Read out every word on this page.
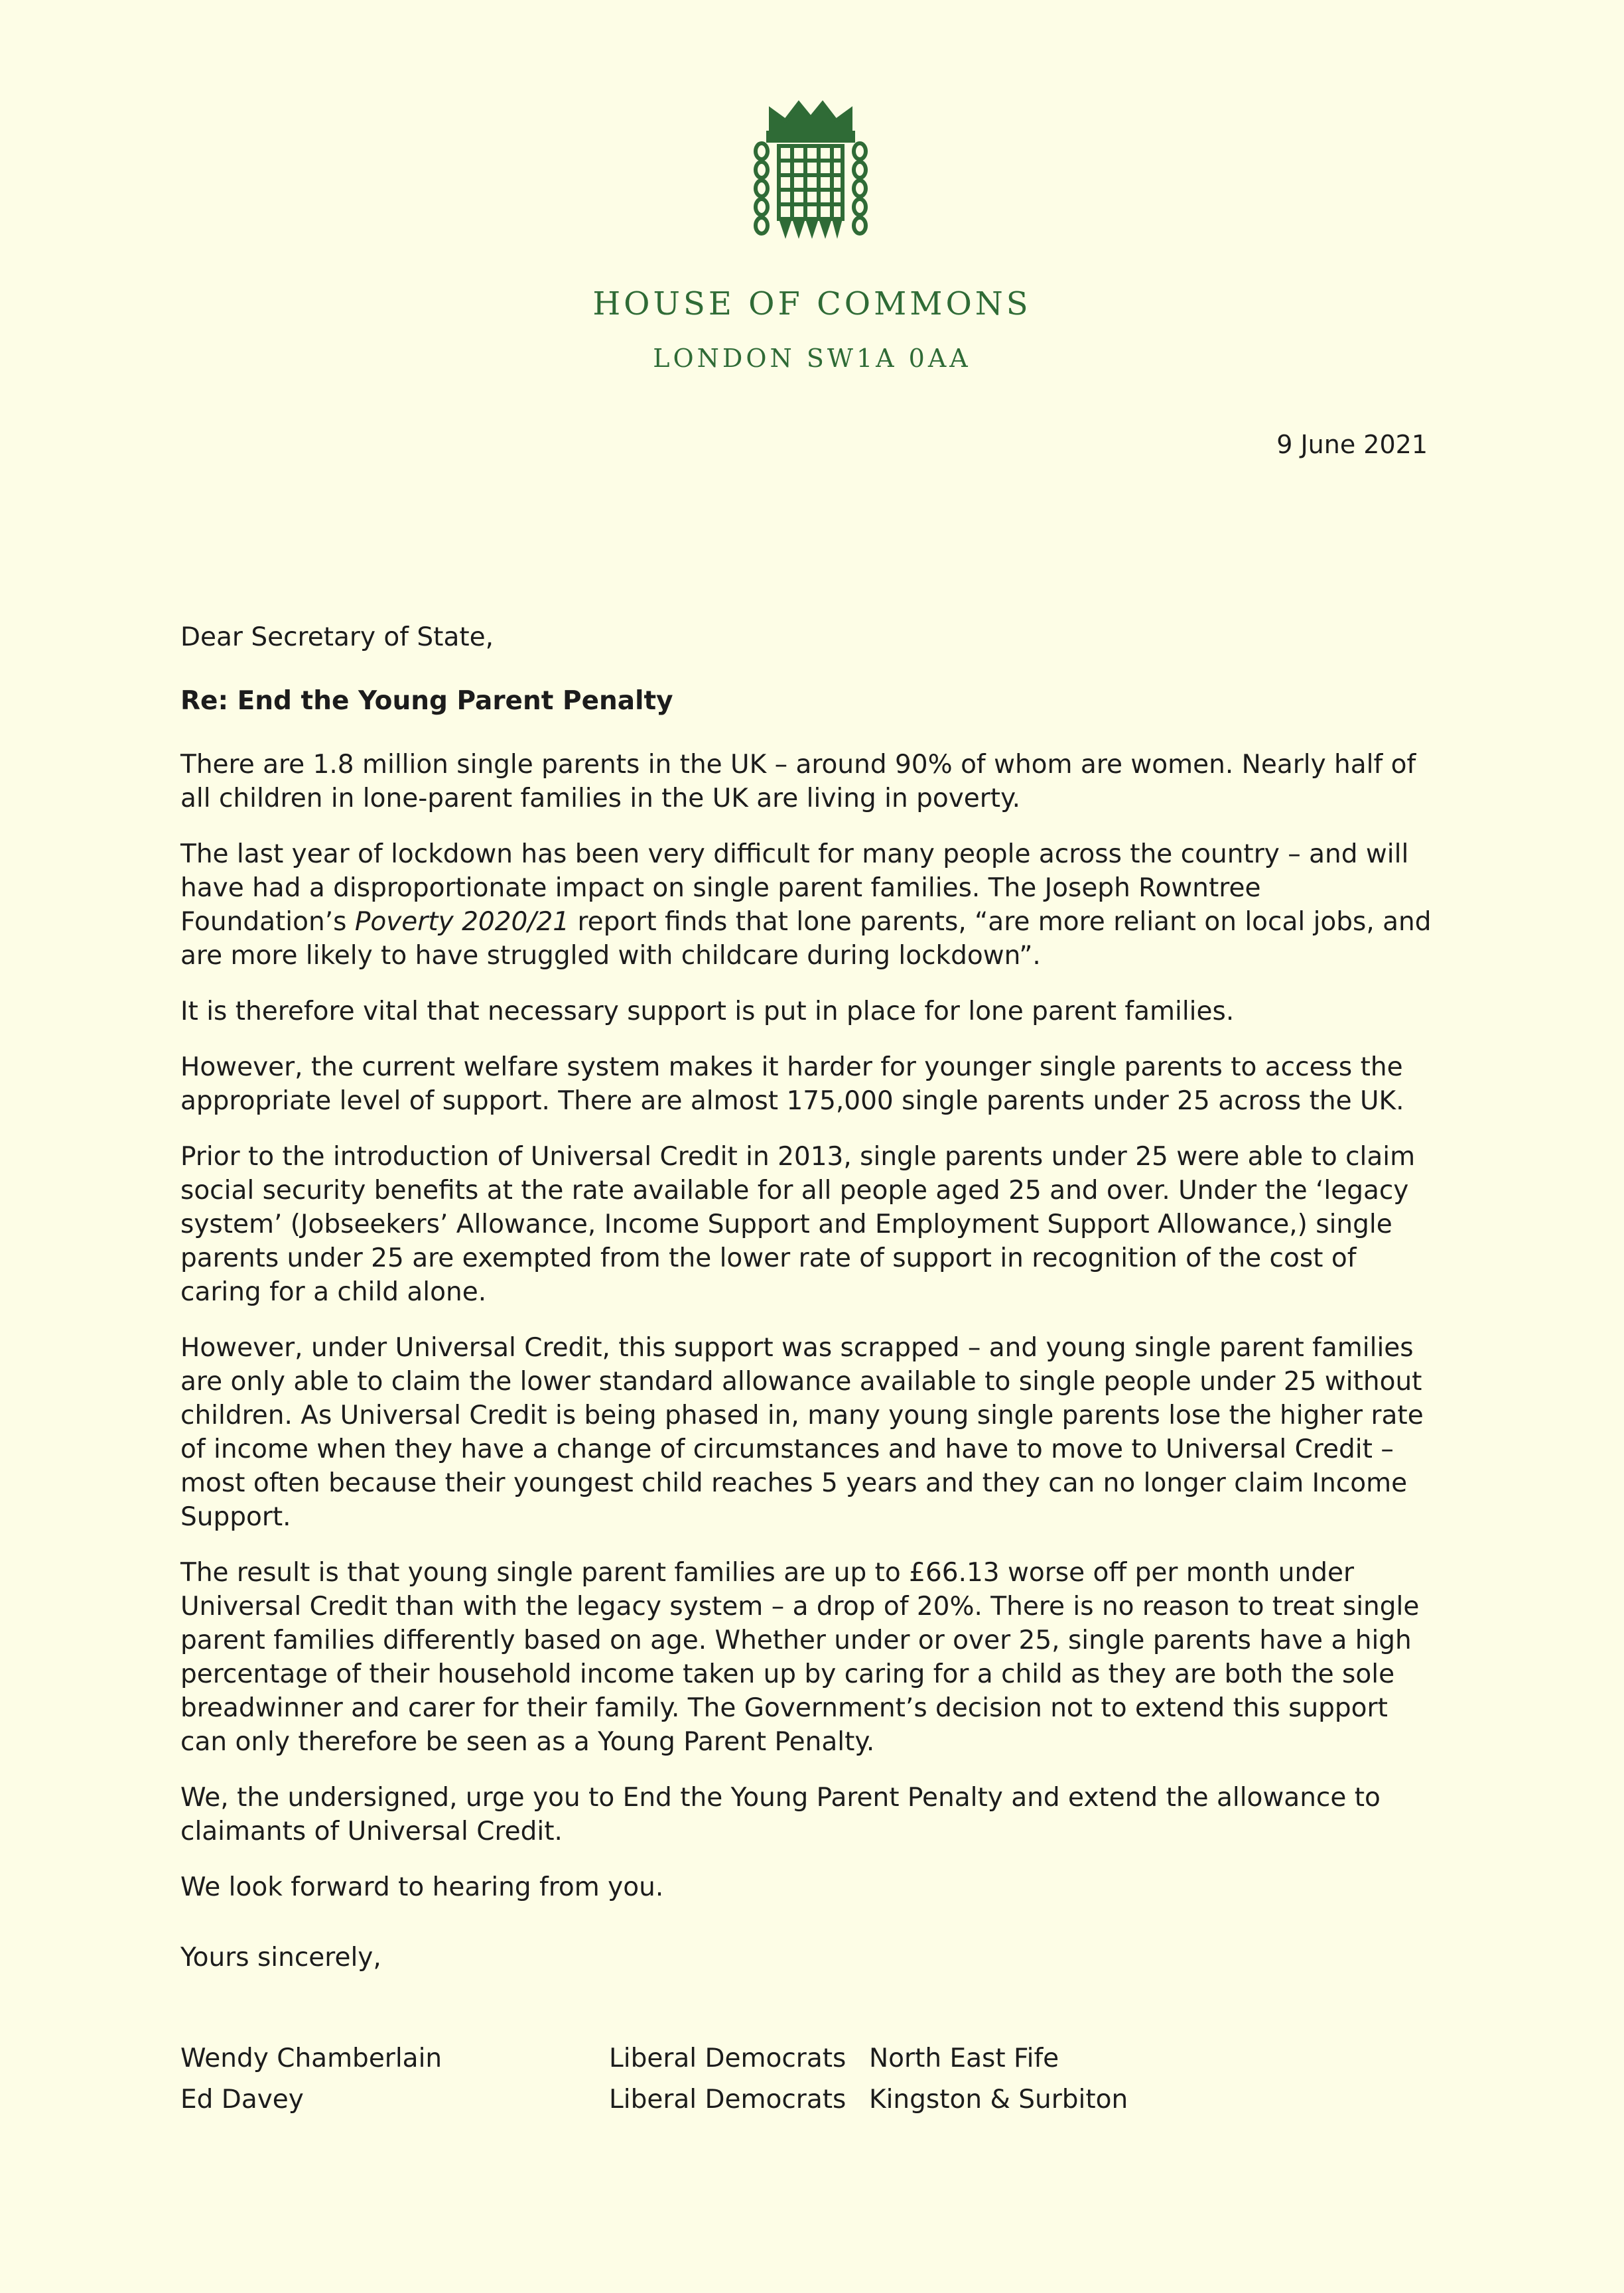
HOUSE OF COMMONS
LONDON SW1A 0AA
9 June 2021
Dear Secretary of State,
Re: End the Young Parent Penalty

There are 1.8 million single parents in the UK – around 90% of whom are women. Nearly half of all children in lone-parent families in the UK are living in poverty.

The last year of lockdown has been very difficult for many people across the country – and will have had a disproportionate impact on single parent families. The Joseph Rowntree Foundation’s Poverty 2020/21 report finds that lone parents, “are more reliant on local jobs, and are more likely to have struggled with childcare during lockdown”.

It is therefore vital that necessary support is put in place for lone parent families.

However, the current welfare system makes it harder for younger single parents to access the appropriate level of support. There are almost 175,000 single parents under 25 across the UK.

Prior to the introduction of Universal Credit in 2013, single parents under 25 were able to claim social security benefits at the rate available for all people aged 25 and over. Under the ‘legacy system’ (Jobseekers’ Allowance, Income Support and Employment Support Allowance,) single parents under 25 are exempted from the lower rate of support in recognition of the cost of caring for a child alone.

However, under Universal Credit, this support was scrapped – and young single parent families are only able to claim the lower standard allowance available to single people under 25 without children. As Universal Credit is being phased in, many young single parents lose the higher rate of income when they have a change of circumstances and have to move to Universal Credit – most often because their youngest child reaches 5 years and they can no longer claim Income Support.

The result is that young single parent families are up to £66.13 worse off per month under Universal Credit than with the legacy system – a drop of 20%. There is no reason to treat single parent families differently based on age. Whether under or over 25, single parents have a high percentage of their household income taken up by caring for a child as they are both the sole breadwinner and carer for their family. The Government’s decision not to extend this support can only therefore be seen as a Young Parent Penalty.

We, the undersigned, urge you to End the Young Parent Penalty and extend the allowance to claimants of Universal Credit.

We look forward to hearing from you.
Yours sincerely,
Wendy Chamberlain	Liberal Democrats North East Fife
Ed Davey	Liberal Democrats Kingston & Surbiton
